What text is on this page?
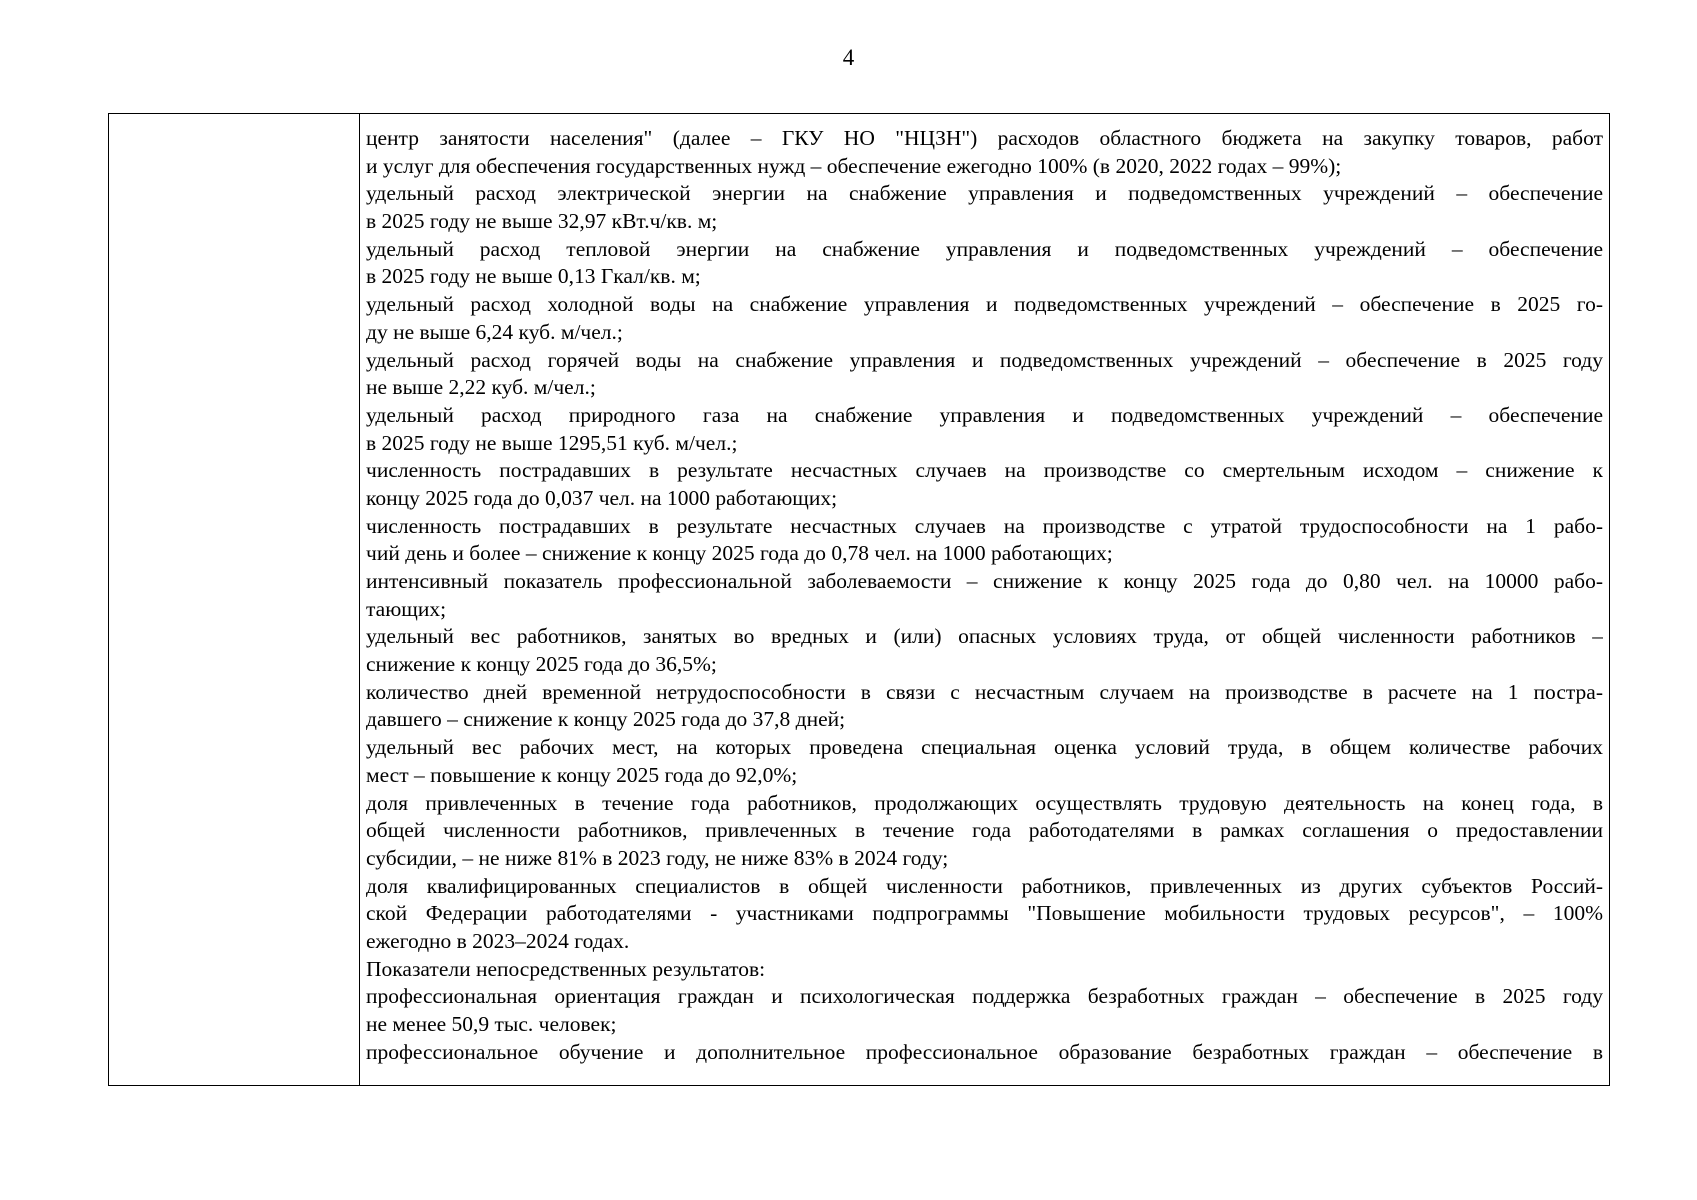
4
центр занятости населения" (далее – ГКУ НО "НЦЗН") расходов областного бюджета на закупку товаров, работ
и услуг для обеспечения государственных нужд – обеспечение ежегодно 100% (в 2020, 2022 годах – 99%);
удельный расход электрической энергии на снабжение управления и подведомственных учреждений – обеспечение
в 2025 году не выше 32,97 кВт.ч/кв. м;
удельный расход тепловой энергии на снабжение управления и подведомственных учреждений – обеспечение
в 2025 году не выше 0,13 Гкал/кв. м;
удельный расход холодной воды на снабжение управления и подведомственных учреждений – обеспечение в 2025 го-
ду не выше 6,24 куб. м/чел.;
удельный расход горячей воды на снабжение управления и подведомственных учреждений – обеспечение в 2025 году
не выше 2,22 куб. м/чел.;
удельный расход природного газа на снабжение управления и подведомственных учреждений – обеспечение
в 2025 году не выше 1295,51 куб. м/чел.;
численность пострадавших в результате несчастных случаев на производстве со смертельным исходом – снижение к
концу 2025 года до 0,037 чел. на 1000 работающих;
численность пострадавших в результате несчастных случаев на производстве с утратой трудоспособности на 1 рабо-
чий день и более – снижение к концу 2025 года до 0,78 чел. на 1000 работающих;
интенсивный показатель профессиональной заболеваемости – снижение к концу 2025 года до 0,80 чел. на 10000 рабо-
тающих;
удельный вес работников, занятых во вредных и (или) опасных условиях труда, от общей численности работников –
снижение к концу 2025 года до 36,5%;
количество дней временной нетрудоспособности в связи с несчастным случаем на производстве в расчете на 1 постра-
давшего – снижение к концу 2025 года до 37,8 дней;
удельный вес рабочих мест, на которых проведена специальная оценка условий труда, в общем количестве рабочих
мест – повышение к концу 2025 года до 92,0%;
доля привлеченных в течение года работников, продолжающих осуществлять трудовую деятельность на конец года, в
общей численности работников, привлеченных в течение года работодателями в рамках соглашения о предоставлении
субсидии, – не ниже 81% в 2023 году, не ниже 83% в 2024 году;
доля квалифицированных специалистов в общей численности работников, привлеченных из других субъектов Россий-
ской Федерации работодателями - участниками подпрограммы "Повышение мобильности трудовых ресурсов", – 100%
ежегодно в 2023–2024 годах.
Показатели непосредственных результатов:
профессиональная ориентация граждан и психологическая поддержка безработных граждан – обеспечение в 2025 году
не менее 50,9 тыс. человек;
профессиональное обучение и дополнительное профессиональное образование безработных граждан – обеспечение в
